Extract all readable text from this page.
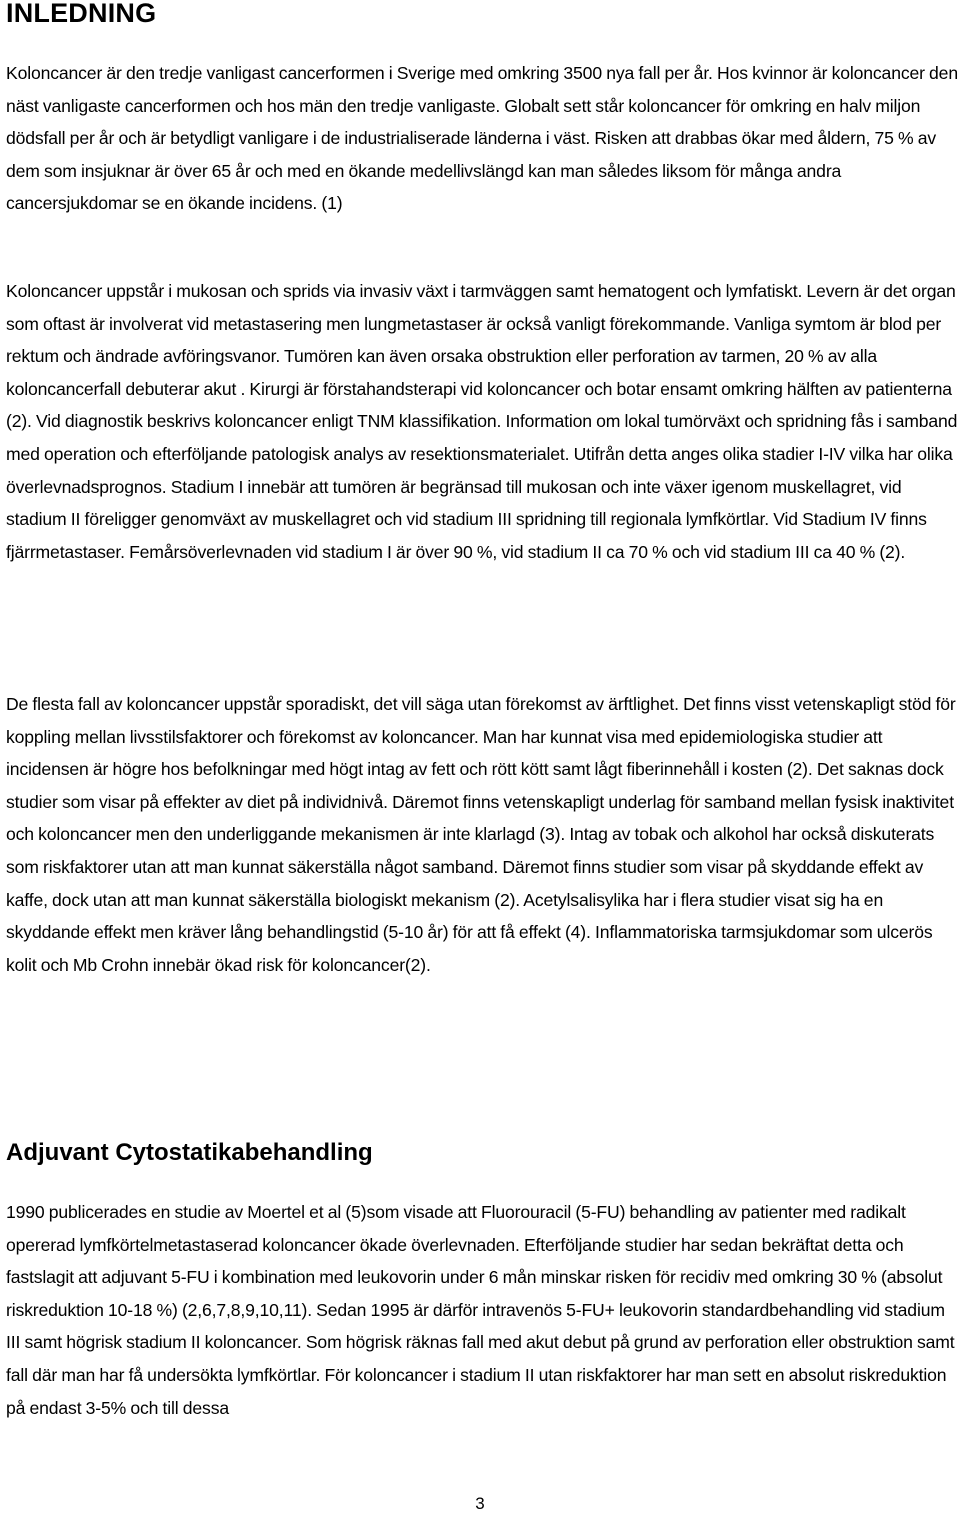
INLEDNING

Koloncancer är den tredje vanligast cancerformen i Sverige med omkring 3500 nya fall per år. Hos kvinnor är koloncancer den näst vanligaste cancerformen och hos män den tredje vanligaste. Globalt sett står koloncancer för omkring en halv miljon dödsfall per år och är betydligt vanligare i de industrialiserade länderna i väst. Risken att drabbas ökar med åldern, 75 % av dem som insjuknar är över 65 år och med en ökande medellivslängd kan man således liksom för många andra cancersjukdomar se en ökande incidens. (1)

Koloncancer uppstår i mukosan och sprids via invasiv växt i tarmväggen samt hematogent och lymfatiskt. Levern är det organ som oftast är involverat vid metastasering men lungmetastaser är också vanligt förekommande. Vanliga symtom är blod per rektum och ändrade avföringsvanor. Tumören kan även orsaka obstruktion eller perforation av tarmen, 20 % av alla koloncancerfall debuterar akut . Kirurgi är förstahandsterapi vid koloncancer och botar ensamt omkring hälften av patienterna (2). Vid diagnostik beskrivs koloncancer enligt TNM klassifikation. Information om lokal tumörväxt och spridning fås i samband med operation och efterföljande patologisk analys av resektionsmaterialet. Utifrån detta anges olika stadier I-IV vilka har olika överlevnadsprognos. Stadium I innebär att tumören är begränsad till mukosan och inte växer igenom muskellagret, vid stadium II föreligger genomväxt av muskellagret och vid stadium III spridning till regionala lymfkörtlar. Vid Stadium IV finns fjärrmetastaser. Femårsöverlevnaden vid stadium I är över 90 %, vid stadium II ca 70 % och vid stadium III ca 40 % (2).

De flesta fall av koloncancer uppstår sporadiskt, det vill säga utan förekomst av ärftlighet. Det finns visst vetenskapligt stöd för koppling mellan livsstilsfaktorer och förekomst av koloncancer. Man har kunnat visa med epidemiologiska studier att incidensen är högre hos befolkningar med högt intag av fett och rött kött samt lågt fiberinnehåll i kosten (2). Det saknas dock studier som visar på effekter av diet på individnivå. Däremot finns vetenskapligt underlag för samband mellan fysisk inaktivitet och koloncancer men den underliggande mekanismen är inte klarlagd (3). Intag av tobak och alkohol har också diskuterats som riskfaktorer utan att man kunnat säkerställa något samband. Däremot finns studier som visar på skyddande effekt av kaffe, dock utan att man kunnat säkerställa biologiskt mekanism (2). Acetylsalisylika har i flera studier visat sig ha en skyddande effekt men kräver lång behandlingstid (5-10 år) för att få effekt (4). Inflammatoriska tarmsjukdomar som ulcerös kolit och Mb Crohn innebär ökad risk för koloncancer(2).

Adjuvant Cytostatikabehandling

1990 publicerades en studie av Moertel et al (5)som visade att Fluorouracil (5-FU) behandling av patienter med radikalt opererad lymfkörtelmetastaserad koloncancer ökade överlevnaden. Efterföljande studier har sedan bekräftat detta och fastslagit att adjuvant 5-FU i kombination med leukovorin under 6 mån minskar risken för recidiv med omkring 30 % (absolut riskreduktion 10-18 %) (2,6,7,8,9,10,11). Sedan 1995 är därför intravenös 5-FU+ leukovorin standardbehandling vid stadium III samt högrisk stadium II koloncancer. Som högrisk räknas fall med akut debut på grund av perforation eller obstruktion samt fall där man har få undersökta lymfkörtlar. För koloncancer i stadium II utan riskfaktorer har man sett en absolut riskreduktion på endast 3-5% och till dessa

3
